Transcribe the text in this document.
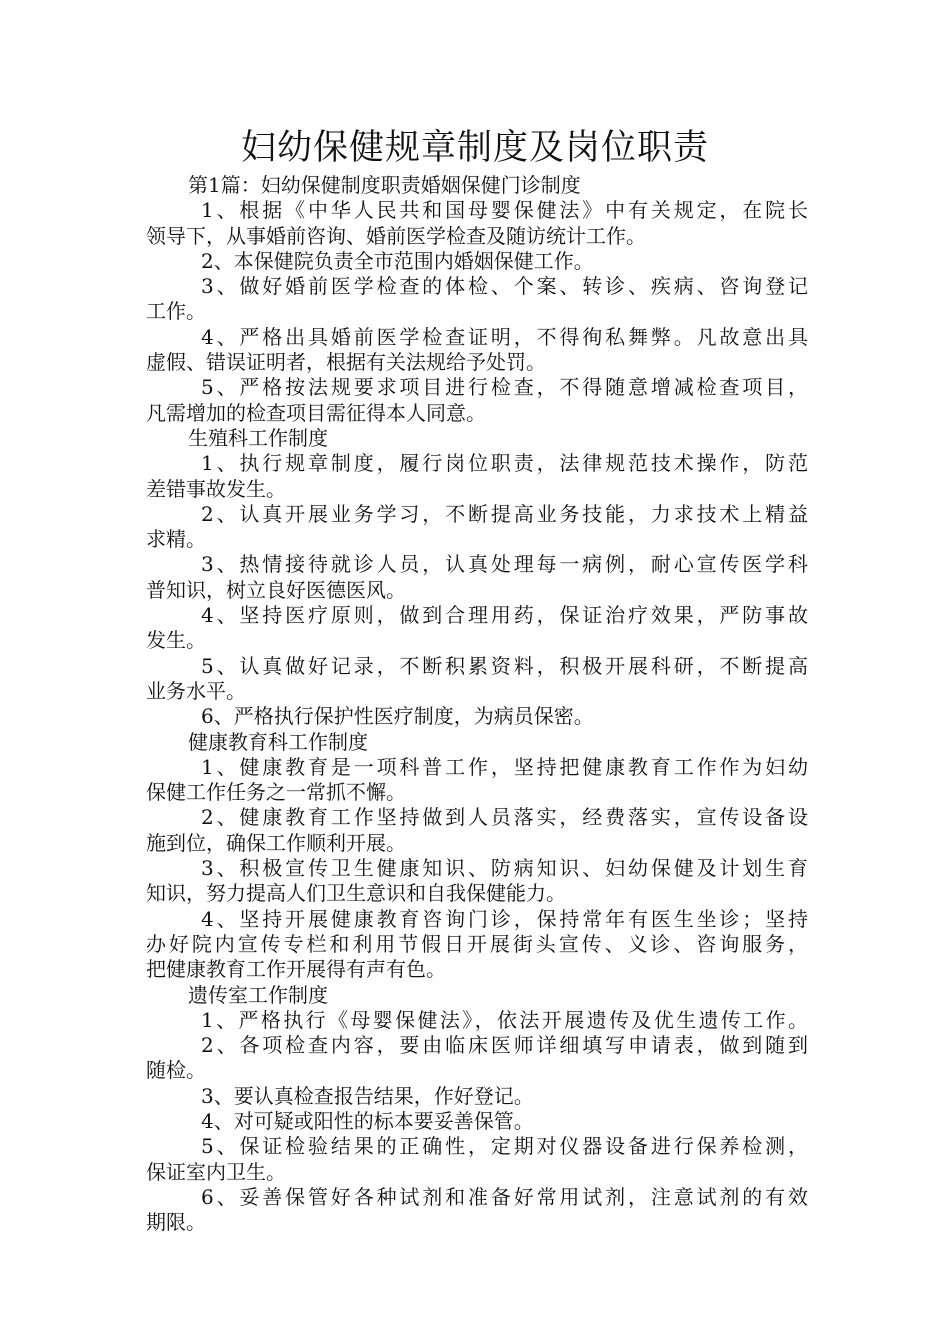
妇幼保健规章制度及岗位职责
第1篇：妇幼保健制度职责婚姻保健门诊制度
1、根据《中华人民共和国母婴保健法》中有关规定，在院长
领导下，从事婚前咨询、婚前医学检查及随访统计工作。
2、本保健院负责全市范围内婚姻保健工作。
3、做好婚前医学检查的体检、个案、转诊、疾病、咨询登记
工作。
4、严格出具婚前医学检查证明，不得徇私舞弊。凡故意出具
虚假、错误证明者，根据有关法规给予处罚。
5、严格按法规要求项目进行检查，不得随意增减检查项目，
凡需增加的检查项目需征得本人同意。
生殖科工作制度
1、执行规章制度，履行岗位职责，法律规范技术操作，防范
差错事故发生。
2、认真开展业务学习，不断提高业务技能，力求技术上精益
求精。
3、热情接待就诊人员，认真处理每一病例，耐心宣传医学科
普知识，树立良好医德医风。
4、坚持医疗原则，做到合理用药，保证治疗效果，严防事故
发生。
5、认真做好记录，不断积累资料，积极开展科研，不断提高
业务水平。
6、严格执行保护性医疗制度，为病员保密。
健康教育科工作制度
1、健康教育是一项科普工作，坚持把健康教育工作作为妇幼
保健工作任务之一常抓不懈。
2、健康教育工作坚持做到人员落实，经费落实，宣传设备设
施到位，确保工作顺利开展。
3、积极宣传卫生健康知识、防病知识、妇幼保健及计划生育
知识，努力提高人们卫生意识和自我保健能力。
4、坚持开展健康教育咨询门诊，保持常年有医生坐诊；坚持
办好院内宣传专栏和利用节假日开展街头宣传、义诊、咨询服务，
把健康教育工作开展得有声有色。
遗传室工作制度
1、严格执行《母婴保健法》，依法开展遗传及优生遗传工作。
2、各项检查内容，要由临床医师详细填写申请表，做到随到
随检。
3、要认真检查报告结果，作好登记。
4、对可疑或阳性的标本要妥善保管。
5、保证检验结果的正确性，定期对仪器设备进行保养检测，
保证室内卫生。
6、妥善保管好各种试剂和准备好常用试剂，注意试剂的有效
期限。
